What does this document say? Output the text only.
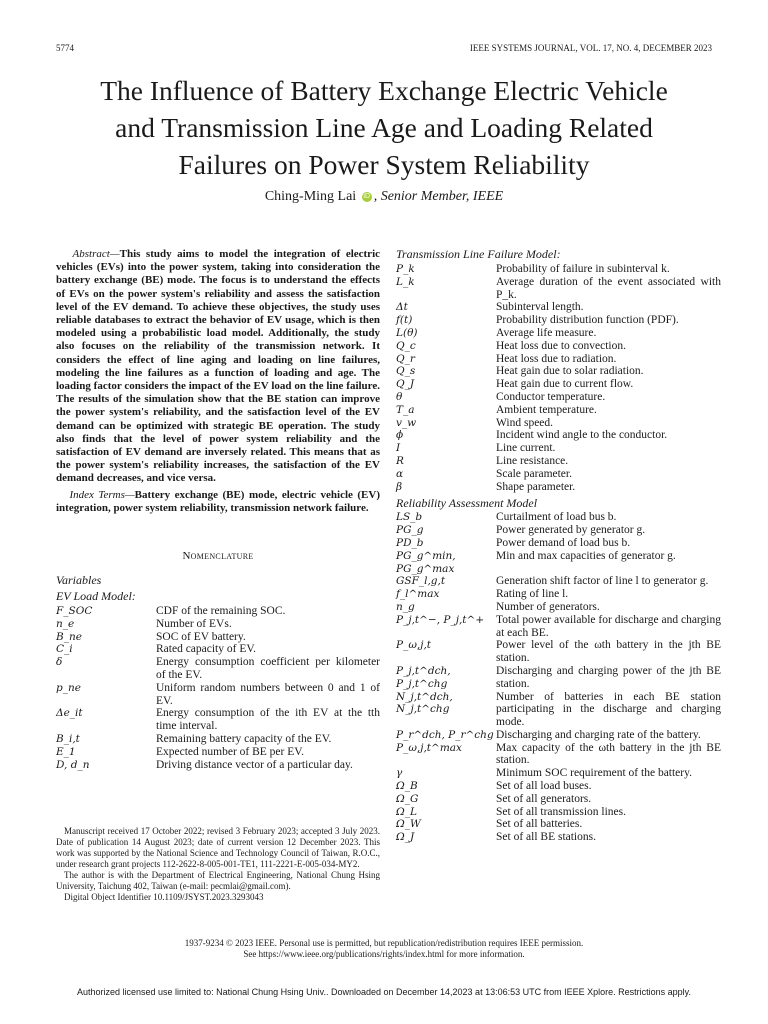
5774	IEEE SYSTEMS JOURNAL, VOL. 17, NO. 4, DECEMBER 2023
The Influence of Battery Exchange Electric Vehicle
and Transmission Line Age and Loading Related
Failures on Power System Reliability
Ching-Ming Lai iD , Senior Member, IEEE
Abstract—This study aims to model the integration of electric vehicles (EVs) into the power system, taking into consideration the battery exchange (BE) mode. The focus is to understand the effects of EVs on the power system's reliability and assess the satisfaction level of the EV demand. To achieve these objectives, the study uses reliable databases to extract the behavior of EV usage, which is then modeled using a probabilistic load model. Additionally, the study also focuses on the reliability of the transmission network. It considers the effect of line aging and loading on line failures, modeling the line failures as a function of loading and age. The loading factor considers the impact of the EV load on the line failure. The results of the simulation show that the BE station can improve the power system's reliability, and the satisfaction level of the EV demand can be optimized with strategic BE operation. The study also finds that the level of power system reliability and the satisfaction of EV demand are inversely related. This means that as the power system's reliability increases, the satisfaction of the EV demand decreases, and vice versa.
Index Terms—Battery exchange (BE) mode, electric vehicle (EV) integration, power system reliability, transmission network failure.
Nomenclature
Variables
EV Load Model:
F_SOC	CDF of the remaining SOC.
n_e	Number of EVs.
B_ne	SOC of EV battery.
C_i	Rated capacity of EV.
δ	Energy consumption coefficient per kilometer of the EV.
p_ne	Uniform random numbers between 0 and 1 of EV.
Δe_it	Energy consumption of the ith EV at the tth time interval.
B_i,t	Remaining battery capacity of the EV.
E_1	Expected number of BE per EV.
D, d_n	Driving distance vector of a particular day.

Manuscript received 17 October 2022; revised 3 February 2023; accepted 3 July 2023. Date of publication 14 August 2023; date of current version 12 December 2023. This work was supported by the National Science and Technology Council of Taiwan, R.O.C., under research grant projects 112-2622-8-005-001-TE1, 111-2221-E-005-034-MY2.

The author is with the Department of Electrical Engineering, National Chung Hsing University, Taichung 402, Taiwan (e-mail: pecmlai@gmail.com).

Digital Object Identifier 10.1109/JSYST.2023.3293043

Transmission Line Failure Model:
P_k	Probability of failure in subinterval k.
L_k	Average duration of the event associated with P_k.
Δt	Subinterval length.
f(t)	Probability distribution function (PDF).
L(θ)	Average life measure.
Q_c	Heat loss due to convection.
Q_r	Heat loss due to radiation.
Q_s	Heat gain due to solar radiation.
Q_J	Heat gain due to current flow.
θ	Conductor temperature.
T_a	Ambient temperature.
v_w	Wind speed.
ϕ	Incident wind angle to the conductor.
I	Line current.
R	Line resistance.
α	Scale parameter.
β	Shape parameter.
Reliability Assessment Model
LS_b	Curtailment of load bus b.
PG_g	Power generated by generator g.
PD_b	Power demand of load bus b.
PG_g^min, PG_g^max	Min and max capacities of generator g.
GSF_l,g,t	Generation shift factor of line l to generator g.
f_l^max	Rating of line l.
n_g	Number of generators.
P_j,t^−, P_j,t^+	Total power available for discharge and charging at each BE.
P_ω,j,t	Power level of the ωth battery in the jth BE station.
P_j,t^dch, P_j,t^chg	Discharging and charging power of the jth BE station.
N_j,t^dch, N_j,t^chg	Number of batteries in each BE station participating in the discharge and charging mode.
P_r^dch, P_r^chg	Discharging and charging rate of the battery.
P_ω,j,t^max	Max capacity of the ωth battery in the jth BE station.
γ	Minimum SOC requirement of the battery.
Ω_B	Set of all load buses.
Ω_G	Set of all generators.
Ω_L	Set of all transmission lines.
Ω_W	Set of all batteries.
Ω_J	Set of all BE stations.
1937-9234 © 2023 IEEE. Personal use is permitted, but republication/redistribution requires IEEE permission.
See https://www.ieee.org/publications/rights/index.html for more information.
Authorized licensed use limited to: National Chung Hsing Univ.. Downloaded on December 14,2023 at 13:06:53 UTC from IEEE Xplore. Restrictions apply.
